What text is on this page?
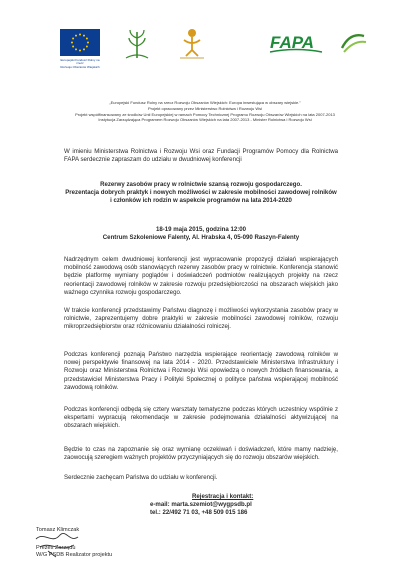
Europejski Fundusz Rolny na rzecz
Rozwoju Obszarów Wiejskich
FAPA
„Europejski Fundusz Rolny na rzecz Rozwoju Obszarów Wiejskich: Europa inwestująca w obszary wiejskie.”
Projekt opracowany przez Ministerstwo Rolnictwa i Rozwoju Wsi
Projekt współfinansowany ze środków Unii Europejskiej w ramach Pomocy Technicznej Programu Rozwoju Obszarów Wiejskich na lata 2007-2013
Instytucja Zarządzająca Programem Rozwoju Obszarów Wiejskich na lata 2007-2013 - Minister Rolnictwa i Rozwoju Wsi
W imieniu Ministerstwa Rolnictwa i Rozwoju Wsi oraz Fundacji Programów Pomocy dla Rolnictwa FAPA serdecznie zapraszam do udziału w dwudniowej konferencji
Rezerwy zasobów pracy w rolnictwie szansą rozwoju gospodarczego.
Prezentacja dobrych praktyk i nowych możliwości w zakresie mobilności zawodowej rolników i członków ich rodzin w aspekcie programów na lata 2014-2020
18-19 maja 2015, godzina 12:00
Centrum Szkoleniowe Falenty, Al. Hrabska 4, 05-090 Raszyn-Falenty
Nadrzędnym celem dwudniowej konferencji jest wypracowanie propozycji działań wspierających mobilność zawodową osób stanowiących rezerwy zasobów pracy w rolnictwie. Konferencja stanowić będzie platformę wymiany poglądów i doświadczeń podmiotów realizujących projekty na rzecz reorientacji zawodowej rolników w zakresie rozwoju przedsiębiorczości na obszarach wiejskich jako ważnego czynnika rozwoju gospodarczego.
W trakcie konferencji przedstawimy Państwu diagnozę i możliwości wykorzystania zasobów pracy w rolnictwie, zaprezentujemy dobre praktyki w zakresie mobilności zawodowej rolników, rozwoju mikroprzedsiębiorstw oraz różnicowaniu działalności rolniczej.
Podczas konferencji poznają Państwo narzędzia wspierające reorientację zawodową rolników w nowej perspektywie finansowej na lata 2014 - 2020. Przedstawiciele Ministerstwa Infrastruktury i Rozwoju oraz Ministerstwa Rolnictwa i Rozwoju Wsi opowiedzą o nowych źródłach finansowania, a przedstawiciel Ministerstwa Pracy i Polityki Społecznej o polityce państwa wspierającej mobilność zawodową rolników.
Podczas konferencji odbędą się cztery warsztaty tematyczne podczas których uczestnicy wspólnie z ekspertami wypracują rekomendacje w zakresie podejmowania działalności aktywizującej na obszarach wiejskich.
Będzie to czas na zapoznanie się oraz wymianę oczekiwań i doświadczeń, które mamy nadzieję, zaowocują szeregiem ważnych projektów przyczyniających się do rozwoju obszarów wiejskich.
Serdecznie zachęcam Państwa do udziału w konferencji.
Rejestracja i kontakt:
e-mail: marta.szemiot@wygpsdb.pl
tel.: 22/492 71 03, +48 509 015 186
Tomasz Klimczak
Prezes Zarządu
W/G PSDB Realizator projektu
